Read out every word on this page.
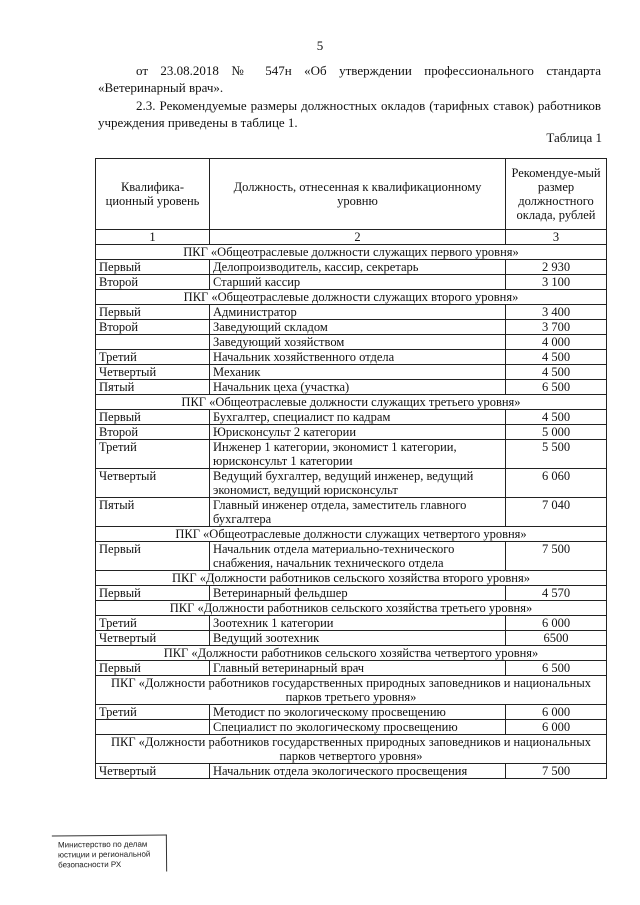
5
от 23.08.2018 № 547н «Об утверждении профессионального стандарта «Ветеринарный врач».
2.3. Рекомендуемые размеры должностных окладов (тарифных ставок) работников учреждения приведены в таблице 1.
Таблица 1
Квалифика-ционный уровень	Должность, отнесенная к квалификационному уровню	Рекомендуе-мый размер должностного оклада, рублей
1	2	3
ПКГ «Общеотраслевые должности служащих первого уровня»		
Первый	Делопроизводитель, кассир, секретарь	2 930
Второй	Старший кассир	3 100
ПКГ «Общеотраслевые должности служащих второго уровня»		
Первый	Администратор	3 400
Второй	Заведующий складом	3 700
	Заведующий хозяйством	4 000
Третий	Начальник хозяйственного отдела	4 500
Четвертый	Механик	4 500
Пятый	Начальник цеха (участка)	6 500
ПКГ «Общеотраслевые должности служащих третьего уровня»		
Первый	Бухгалтер, специалист по кадрам	4 500
Второй	Юрисконсульт 2 категории	5 000
Третий	Инженер 1 категории, экономист 1 категории, юрисконсульт 1 категории	5 500
Четвертый	Ведущий бухгалтер, ведущий инженер, ведущий экономист, ведущий юрисконсульт	6 060
Пятый	Главный инженер отдела, заместитель главного бухгалтера	7 040
ПКГ «Общеотраслевые должности служащих четвертого уровня»		
Первый	Начальник отдела материально-технического снабжения, начальник технического отдела	7 500
ПКГ «Должности работников сельского хозяйства второго уровня»		
Первый	Ветеринарный фельдшер	4 570
ПКГ «Должности работников сельского хозяйства третьего уровня»		
Третий	Зоотехник 1 категории	6 000
Четвертый	Ведущий зоотехник	6500
ПКГ «Должности работников сельского хозяйства четвертого уровня»		
Первый	Главный ветеринарный врач	6 500
ПКГ «Должности работников государственных природных заповедников и национальных парков третьего уровня»		
Третий	Методист по экологическому просвещению	6 000
	Специалист по экологическому просвещению	6 000
ПКГ «Должности работников государственных природных заповедников и национальных парков четвертого уровня»		
Четвертый	Начальник отдела экологического просвещения	7 500
Министерство по делам
юстиции и региональной
безопасности РХ
